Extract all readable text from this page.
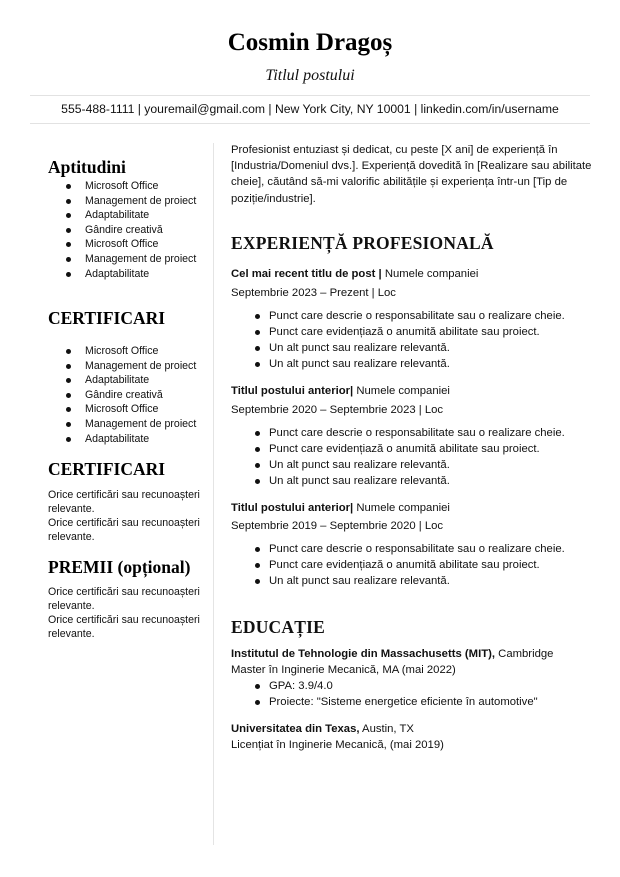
Cosmin Dragoș
Titlul postului
555-488-1111 | youremail@gmail.com | New York City, NY 10001 | linkedin.com/in/username
Aptitudini
Microsoft Office
Management de proiect
Adaptabilitate
Gândire creativă
Microsoft Office
Management de proiect
Adaptabilitate
CERTIFICARI
Microsoft Office
Management de proiect
Adaptabilitate
Gândire creativă
Microsoft Office
Management de proiect
Adaptabilitate
CERTIFICARI
Orice certificări sau recunoașteri relevante.
Orice certificări sau recunoașteri relevante.
PREMII (opțional)
Orice certificări sau recunoașteri relevante.
Orice certificări sau recunoașteri relevante.
Profesionist entuziast și dedicat, cu peste [X ani] de experiență în [Industria/Domeniul dvs.]. Experiență dovedită în [Realizare sau abilitate cheie], căutând să-mi valorific abilitățile și experiența într-un [Tip de poziție/industrie].
EXPERIENȚĂ PROFESIONALĂ
Cel mai recent titlu de post | Numele companiei
Septembrie 2023 – Prezent | Loc
Punct care descrie o responsabilitate sau o realizare cheie.
Punct care evidențiază o anumită abilitate sau proiect.
Un alt punct sau realizare relevantă.
Un alt punct sau realizare relevantă.
Titlul postului anterior| Numele companiei
Septembrie 2020 – Septembrie 2023 | Loc
Punct care descrie o responsabilitate sau o realizare cheie.
Punct care evidențiază o anumită abilitate sau proiect.
Un alt punct sau realizare relevantă.
Un alt punct sau realizare relevantă.
Titlul postului anterior| Numele companiei
Septembrie 2019 – Septembrie 2020 | Loc
Punct care descrie o responsabilitate sau o realizare cheie.
Punct care evidențiază o anumită abilitate sau proiect.
Un alt punct sau realizare relevantă.
EDUCAȚIE
Institutul de Tehnologie din Massachusetts (MIT), Cambridge
Master în Inginerie Mecanică, MA (mai 2022)
GPA: 3.9/4.0
Proiecte: "Sisteme energetice eficiente în automotive"
Universitatea din Texas, Austin, TX
Licențiat în Inginerie Mecanică, (mai 2019)
